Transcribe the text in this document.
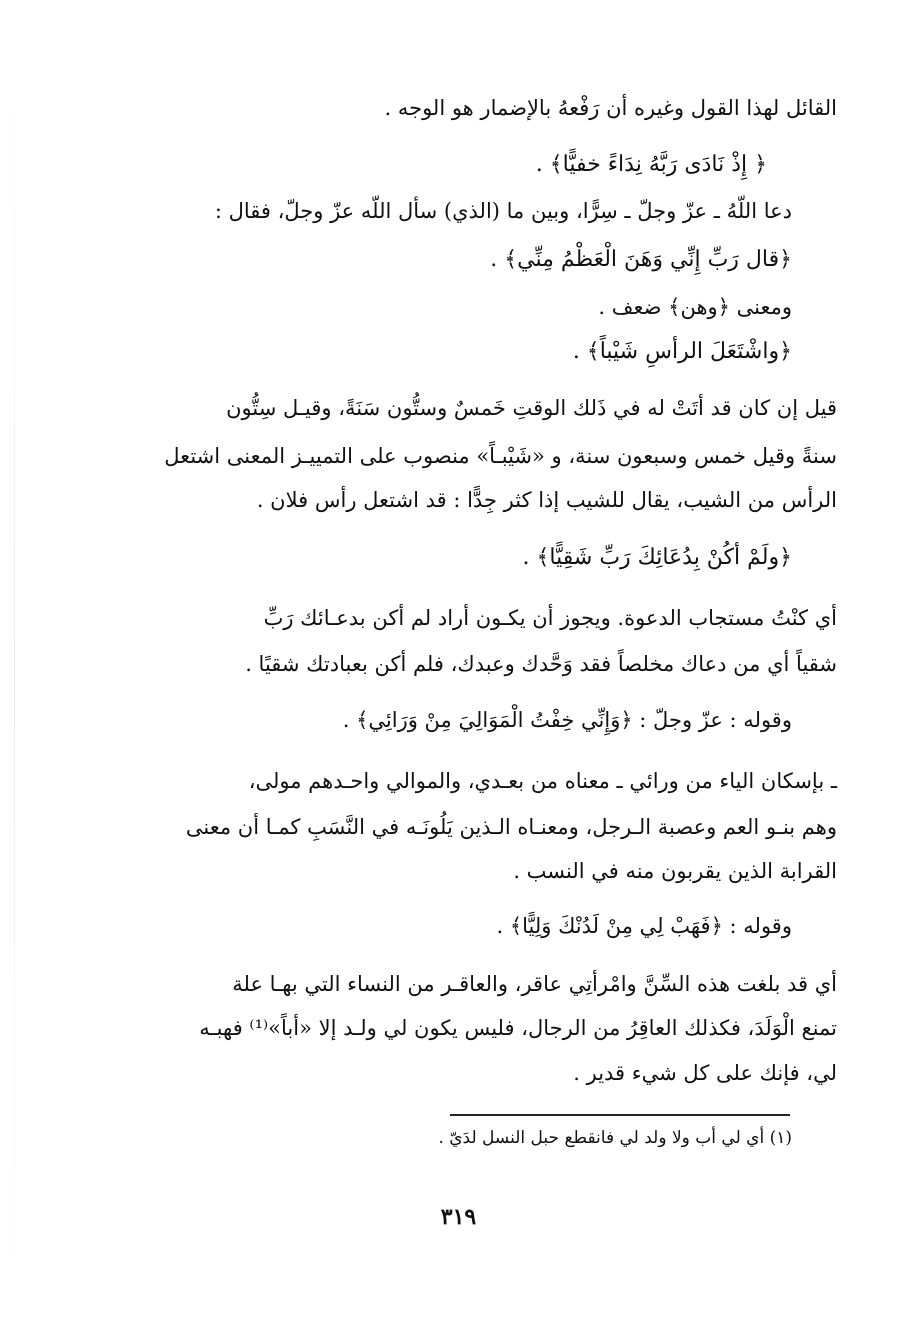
القائل لهذا القول وغيره أن رَفْعهُ بالإضمار هو الوجه .
﴿ إِذْ نَادَى رَبَّهُ نِدَاءً خفيًّا﴾ .
دعا اللّهُ ـ عزّ وجلّ ـ سِرًّا، وبين ما (الذي) سأل اللّه عزّ وجلّ، فقال :
﴿قال رَبِّ إِنِّي وَهَنَ الْعَظْمُ مِنِّي﴾ .
ومعنى ﴿وهن﴾ ضعف .
﴿واشْتَعَلَ الرأسِ شَيْباً﴾ .
قيل إن كان قد أتَتْ له في ذَلك الوقتِ خَمسٌ وستُّون سَنَةً، وقيـل سِتُّون
سنةً وقيل خمس وسبعون سنة، و «شَيْبـاً» منصوب على التمييـز المعنى اشتعل
الرأس من الشيب، يقال للشيب إذا كثر جِدًّا : قد اشتعل رأس فلان .
﴿ولَمْ أكُنْ بِدُعَائِكَ رَبِّ شَقِيًّا﴾ .
أي كنْتُ مستجاب الدعوة. ويجوز أن يكـون أراد لم أكن بدعـائك رَبِّ
شقياً أي من دعاك مخلصاً فقد وَحَّدك وعبدك، فلم أكن بعبادتك شقيًا .
وقوله : عزّ وجلّ : ﴿وَإِنِّي خِفْتُ الْمَوَالِيَ مِنْ وَرَائِي﴾ .
ـ بإسكان الياء من ورائي ـ معناه من بعـدي، والموالي واحـدهم مولى،
وهم بنـو العم وعصبة الـرجل، ومعنـاه الـذين يَلُونَـه في النَّسَبِ كمـا أن معنى
القرابة الذين يقربون منه في النسب .
وقوله : ﴿فَهَبْ لِي مِنْ لَدُنْكَ وَلِيًّا﴾ .
أي قد بلغت هذه السِّنَّ وامْرأتِي عاقر، والعاقـر من النساء التي بهـا علة
تمنع الْوَلَدَ، فكذلك العاقِرُ من الرجال، فليس يكون لي ولـد إلا «أباً»⁽¹⁾ فهبـه
لي، فإنك على كل شيء قدير .
(١) أي لي أب ولا ولد لي فانقطع حبل النسل لدَيّ .
٣١٩
